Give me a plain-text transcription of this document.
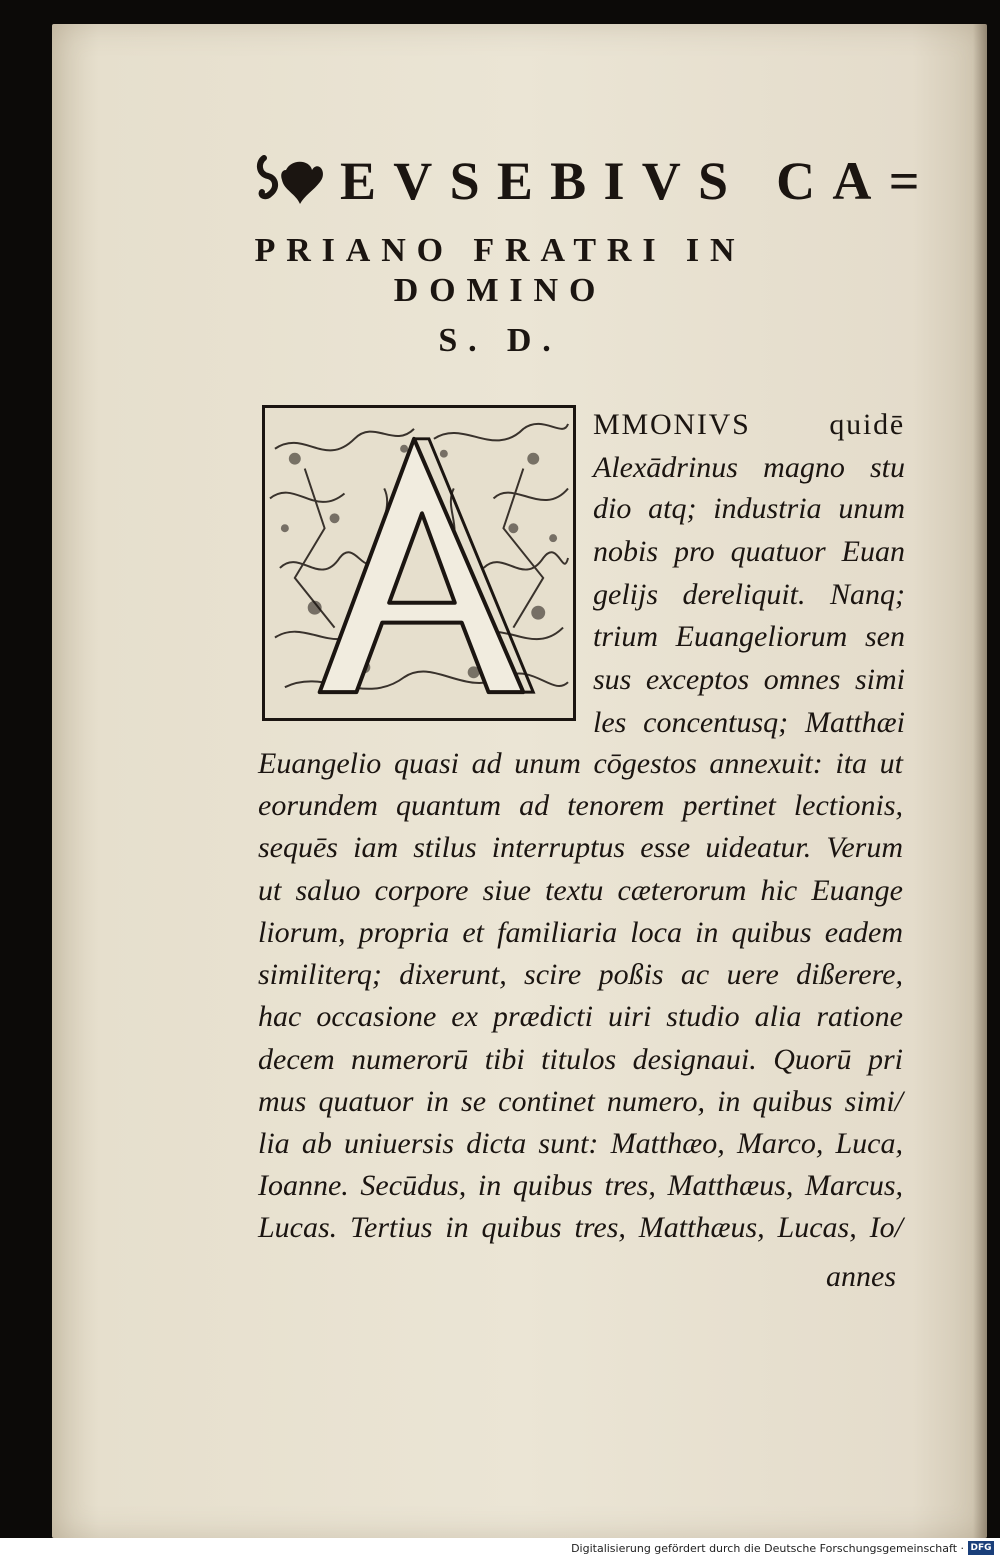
EVSEBIVS CA=
PRIANO FRATRI IN
DOMINO
S. D.
MMONIVS quidē
Alexādrinus magno stu
dio atq; industria unum
nobis pro quatuor Euan
gelijs dereliquit. Nanq;
trium Euangeliorum sen
sus exceptos omnes simi
les concentusq; Matthæi
Euangelio quasi ad unum cōgestos annexuit: ita ut
eorundem quantum ad tenorem pertinet lectionis,
sequēs iam stilus interruptus esse uideatur. Verum
ut saluo corpore siue textu cæterorum hic Euange
liorum, propria et familiaria loca in quibus eadem
similiterq; dixerunt, scire poßis ac uere dißerere,
hac occasione ex prædicti uiri studio alia ratione
decem numerorū tibi titulos designaui. Quorū pri
mus quatuor in se continet numero, in quibus simi/
lia ab uniuersis dicta sunt: Matthæo, Marco, Luca,
Ioanne. Secūdus, in quibus tres, Matthæus, Marcus,
Lucas. Tertius in quibus tres, Matthæus, Lucas, Io/
annes
Digitalisierung gefördert durch die Deutsche Forschungsgemeinschaft · DFG
